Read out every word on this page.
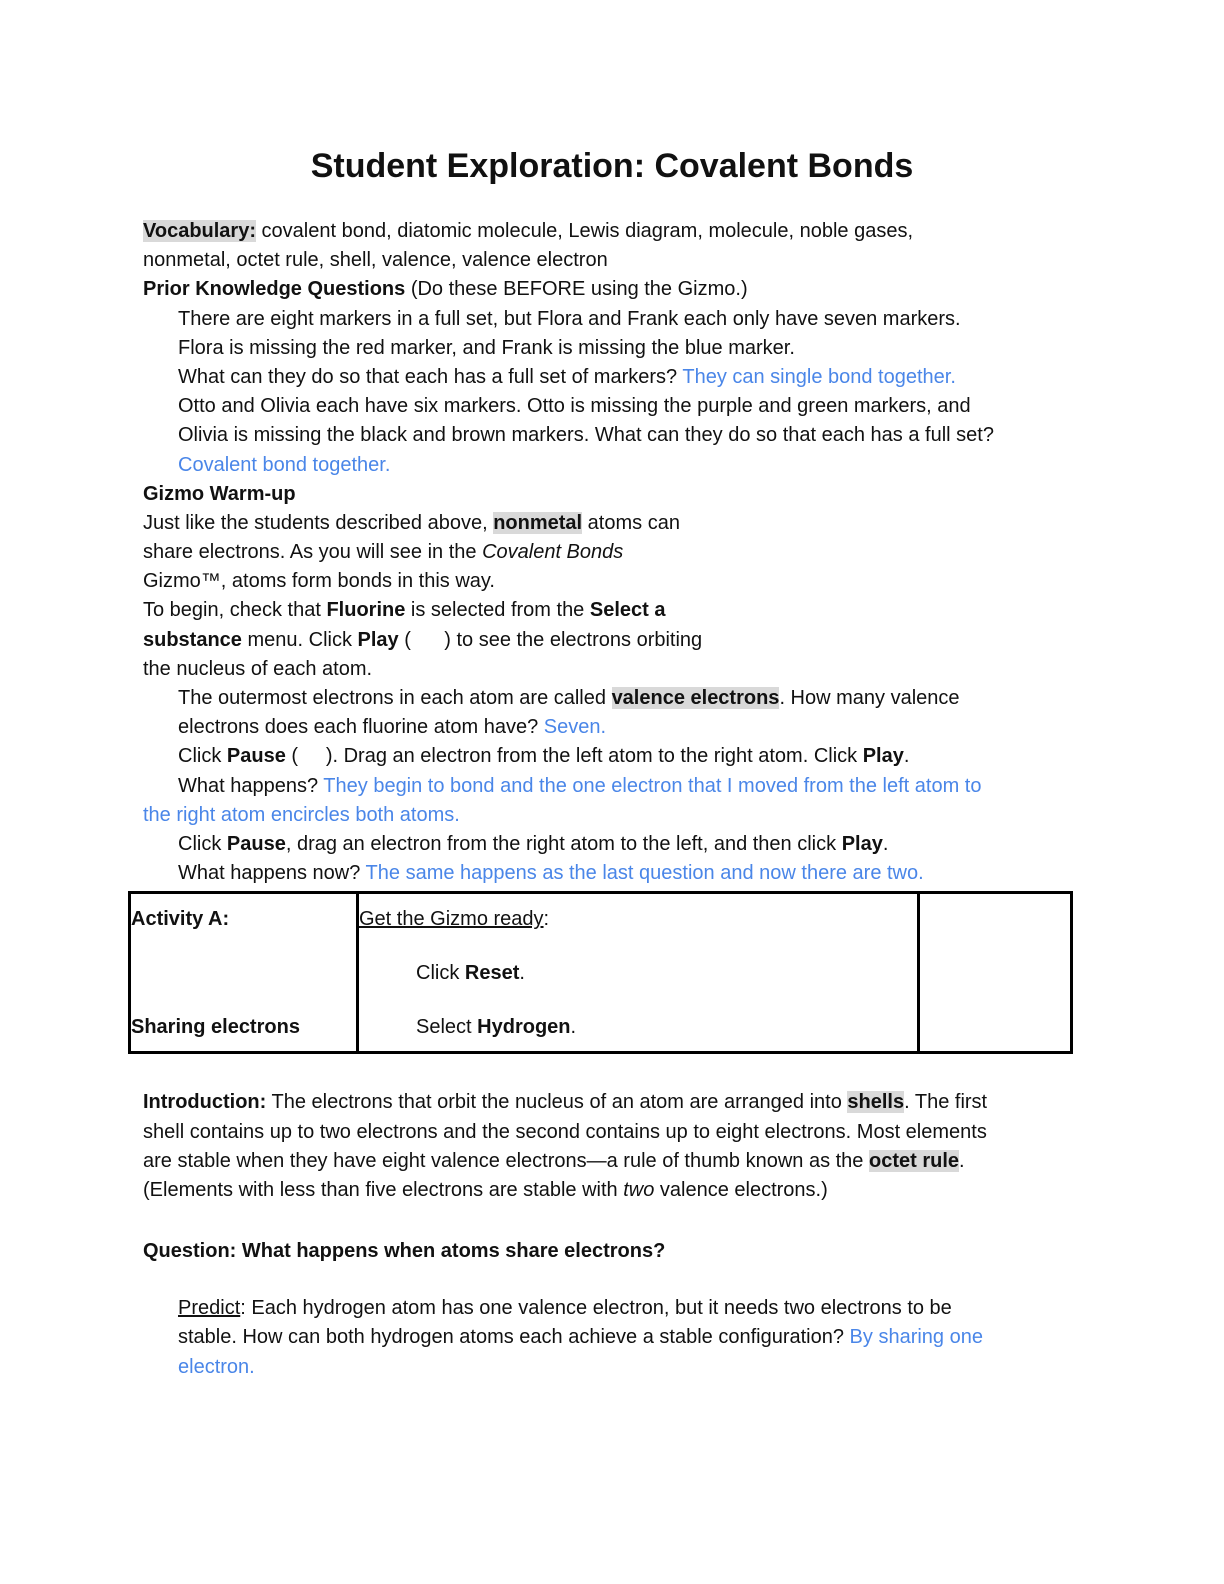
Student Exploration: Covalent Bonds
Vocabulary: covalent bond, diatomic molecule, Lewis diagram, molecule, noble gases,
nonmetal, octet rule, shell, valence, valence electron
Prior Knowledge Questions (Do these BEFORE using the Gizmo.)
There are eight markers in a full set, but Flora and Frank each only have seven markers.
Flora is missing the red marker, and Frank is missing the blue marker.
What can they do so that each has a full set of markers? They can single bond together.
Otto and Olivia each have six markers. Otto is missing the purple and green markers, and
Olivia is missing the black and brown markers. What can they do so that each has a full set?
Covalent bond together.
Gizmo Warm-up
Just like the students described above, nonmetal atoms can
share electrons. As you will see in the Covalent Bonds
Gizmo™, atoms form bonds in this way.
To begin, check that Fluorine is selected from the Select a
substance menu. Click Play (      ) to see the electrons orbiting
the nucleus of each atom.
The outermost electrons in each atom are called valence electrons. How many valence
electrons does each fluorine atom have? Seven.
Click Pause (     ). Drag an electron from the left atom to the right atom. Click Play.
What happens? They begin to bond and the one electron that I moved from the left atom to
the right atom encircles both atoms.
Click Pause, drag an electron from the right atom to the left, and then click Play.
What happens now? The same happens as the last question and now there are two.
Activity A:
Sharing electrons

Get the Gizmo ready:
Click Reset.
Select Hydrogen.

Introduction: The electrons that orbit the nucleus of an atom are arranged into shells. The first
shell contains up to two electrons and the second contains up to eight electrons. Most elements
are stable when they have eight valence electrons—a rule of thumb known as the octet rule.
(Elements with less than five electrons are stable with two valence electrons.)
Question: What happens when atoms share electrons?
Predict: Each hydrogen atom has one valence electron, but it needs two electrons to be
stable. How can both hydrogen atoms each achieve a stable configuration? By sharing one
electron.
